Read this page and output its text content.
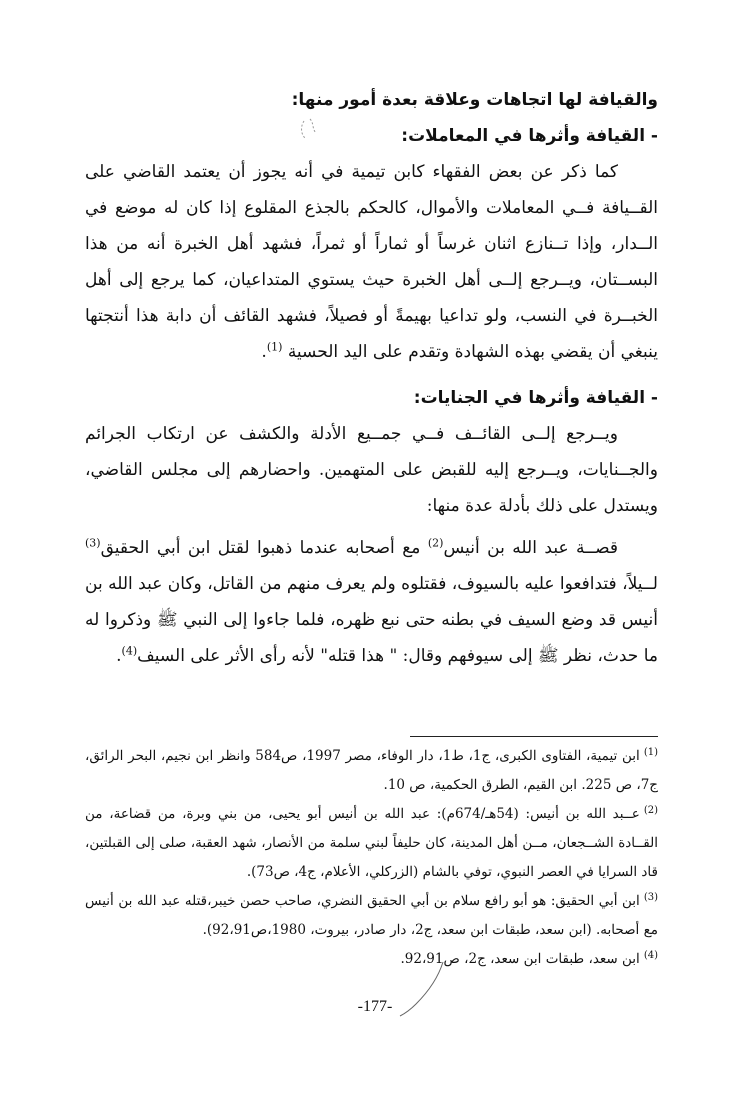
والقيافة لها اتجاهات وعلاقة بعدة أمور منها:

- القيافة وأثرها في المعاملات:

كما ذكر عن بعض الفقهاء كابن تيمية في أنه يجوز أن يعتمد القاضي على القــيافة فــي المعاملات والأموال، كالحكم بالجذع المقلوع إذا كان له موضع في الــدار، وإذا تــنازع اثنان غرساً أو ثماراً أو ثمراً، فشهد أهل الخبرة أنه من هذا البســتان، ويــرجع إلــى أهل الخبرة حيث يستوي المتداعيان، كما يرجع إلى أهل الخبــرة في النسب، ولو تداعيا بهيمةً أو فصيلاً، فشهد القائف أن دابة هذا أنتجتها ينبغي أن يقضي بهذه الشهادة وتقدم على اليد الحسية $^{(1)}$.

- القيافة وأثرها في الجنايات:

ويــرجع إلــى القائــف فــي جمــيع الأدلة والكشف عن ارتكاب الجرائم والجــنايات، ويــرجع إليه للقبض على المتهمين. واحضارهم إلى مجلس القاضي، ويستدل على ذلك بأدلة عدة منها:

قصــة عبد الله بن أنيس$^{(2)}$ مع أصحابه عندما ذهبوا لقتل ابن أبي الحقيق$^{(3)}$ لــيلاً، فتدافعوا عليه بالسيوف، فقتلوه ولم يعرف منهم من القاتل، وكان عبد الله بن أنيس قد وضع السيف في بطنه حتى نبع ظهره، فلما جاءوا إلى النبي ﷺ وذكروا له ما حدث، نظر ﷺ إلى سيوفهم وقال: " هذا قتله" لأنه رأى الأثر على السيف$^{(4)}$.

$^{(1)}$ابن تيمية، الفتاوى الكبرى، ج1، ط1، دار الوفاء، مصر 1997، ص584 وانظر ابن نجيم، البحر الرائق، ج7، ص 225. ابن القيم، الطرق الحكمية، ص 10.

$^{(2)}$عــبد الله بن أنيس: (54هـ/674م): عبد الله بن أنيس أبو يحيى، من بني وبرة، من قضاعة، من القــادة الشــجعان، مــن أهل المدينة، كان حليفاً لبني سلمة من الأنصار، شهد العقبة، صلى إلى القبلتين، قاد السرايا في العصر النبوي، توفي بالشام (الزركلي، الأعلام، ج4، ص73).

$^{(3)}$ابن أبي الحقيق: هو أبو رافع سلام بن أبي الحقيق النضري، صاحب حصن خيبر،قتله عبد الله بن أنيس مع أصحابه. (ابن سعد، طبقات ابن سعد، ج2، دار صادر، بيروت، 1980،ص92،91).

$^{(4)}$ابن سعد، طبقات ابن سعد، ج2، ص92،91.

-177-
